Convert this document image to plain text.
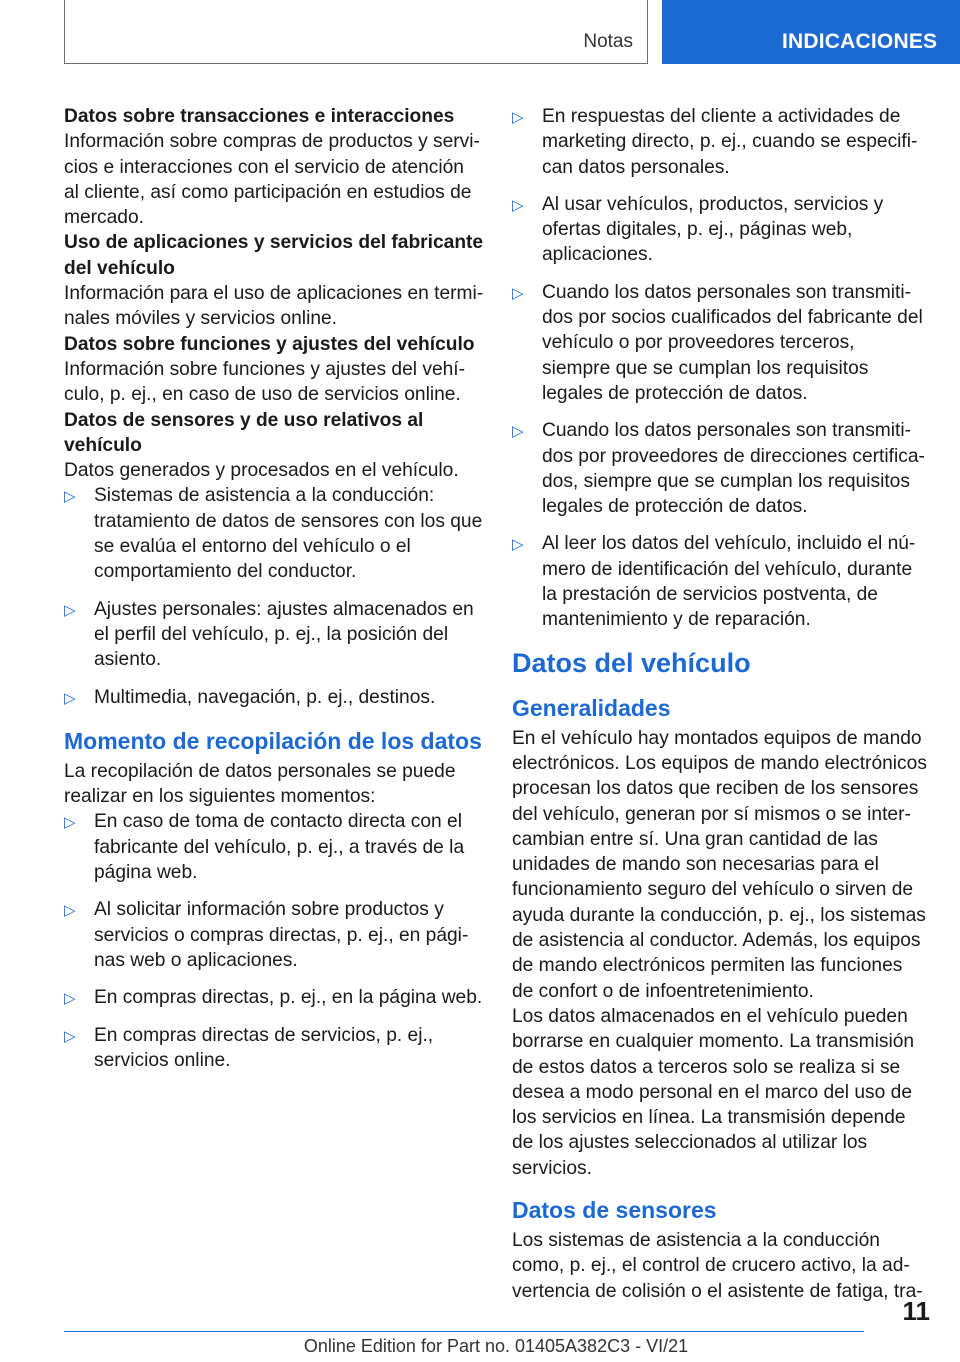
Notas	INDICACIONES

Datos sobre transacciones e interacciones

Información sobre compras de productos y servicios e interacciones con el servicio de atención al cliente, así como participación en estudios de mercado.

Uso de aplicaciones y servicios del fabricante del vehículo

Información para el uso de aplicaciones en terminales móviles y servicios online.

Datos sobre funciones y ajustes del vehículo

Información sobre funciones y ajustes del vehículo, p. ej., en caso de uso de servicios online.

Datos de sensores y de uso relativos al vehículo

Datos generados y procesados en el vehículo.

▷ Sistemas de asistencia a la conducción: tratamiento de datos de sensores con los que se evalúa el entorno del vehículo o el comportamiento del conductor.
▷ Ajustes personales: ajustes almacenados en el perfil del vehículo, p. ej., la posición del asiento.
▷ Multimedia, navegación, p. ej., destinos.
Momento de recopilación de los datos

La recopilación de datos personales se puede realizar en los siguientes momentos:

▷ En caso de toma de contacto directa con el fabricante del vehículo, p. ej., a través de la página web.
▷ Al solicitar información sobre productos y servicios o compras directas, p. ej., en páginas web o aplicaciones.
▷ En compras directas, p. ej., en la página web.
▷ En compras directas de servicios, p. ej., servicios online.
▷ En respuestas del cliente a actividades de marketing directo, p. ej., cuando se especifican datos personales.
▷ Al usar vehículos, productos, servicios y ofertas digitales, p. ej., páginas web, aplicaciones.
▷ Cuando los datos personales son transmitidos por socios cualificados del fabricante del vehículo o por proveedores terceros, siempre que se cumplan los requisitos legales de protección de datos.
▷ Cuando los datos personales son transmitidos por proveedores de direcciones certificados, siempre que se cumplan los requisitos legales de protección de datos.
▷ Al leer los datos del vehículo, incluido el número de identificación del vehículo, durante la prestación de servicios postventa, de mantenimiento y de reparación.
Datos del vehículo
Generalidades

En el vehículo hay montados equipos de mando electrónicos. Los equipos de mando electrónicos procesan los datos que reciben de los sensores del vehículo, generan por sí mismos o se intercambian entre sí. Una gran cantidad de las unidades de mando son necesarias para el funcionamiento seguro del vehículo o sirven de ayuda durante la conducción, p. ej., los sistemas de asistencia al conductor. Además, los equipos de mando electrónicos permiten las funciones de confort o de infoentretenimiento.

Los datos almacenados en el vehículo pueden borrarse en cualquier momento. La transmisión de estos datos a terceros solo se realiza si se desea a modo personal en el marco del uso de los servicios en línea. La transmisión depende de los ajustes seleccionados al utilizar los servicios.

Datos de sensores

Los sistemas de asistencia a la conducción como, p. ej., el control de crucero activo, la advertencia de colisión o el asistente de fatiga, tra-

11
Online Edition for Part no. 01405A382C3 - VI/21
